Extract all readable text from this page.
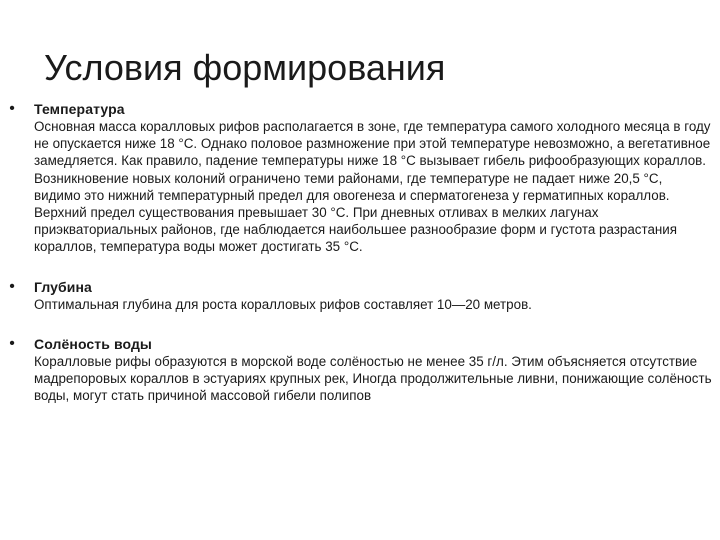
Условия формирования
• Температура
Основная масса коралловых рифов располагается в зоне, где температура самого холодного месяца в году не опускается ниже 18 °C. Однако половое размножение при этой температуре невозможно, а вегетативное замедляется. Как правило, падение температуры ниже 18 °C вызывает гибель рифообразующих кораллов. Возникновение новых колоний ограничено теми районами, где температуре не падает ниже 20,5 °C, видимо это нижний температурный предел для овогенеза и сперматогенеза у герматипных кораллов. Верхний предел существования превышает 30 °C. При дневных отливах в мелких лагунах приэкваториальных районов, где наблюдается наибольшее разнообразие форм и густота разрастания кораллов, температура воды может достигать 35 °C.
• Глубина
Оптимальная глубина для роста коралловых рифов составляет 10—20 метров.
• Солёность воды
Коралловые рифы образуются в морской воде солёностью не менее 35 г/л. Этим объясняется отсутствие мадрепоровых кораллов в эстуариях крупных рек, Иногда продолжительные ливни, понижающие солёность воды, могут стать причиной массовой гибели полипов
